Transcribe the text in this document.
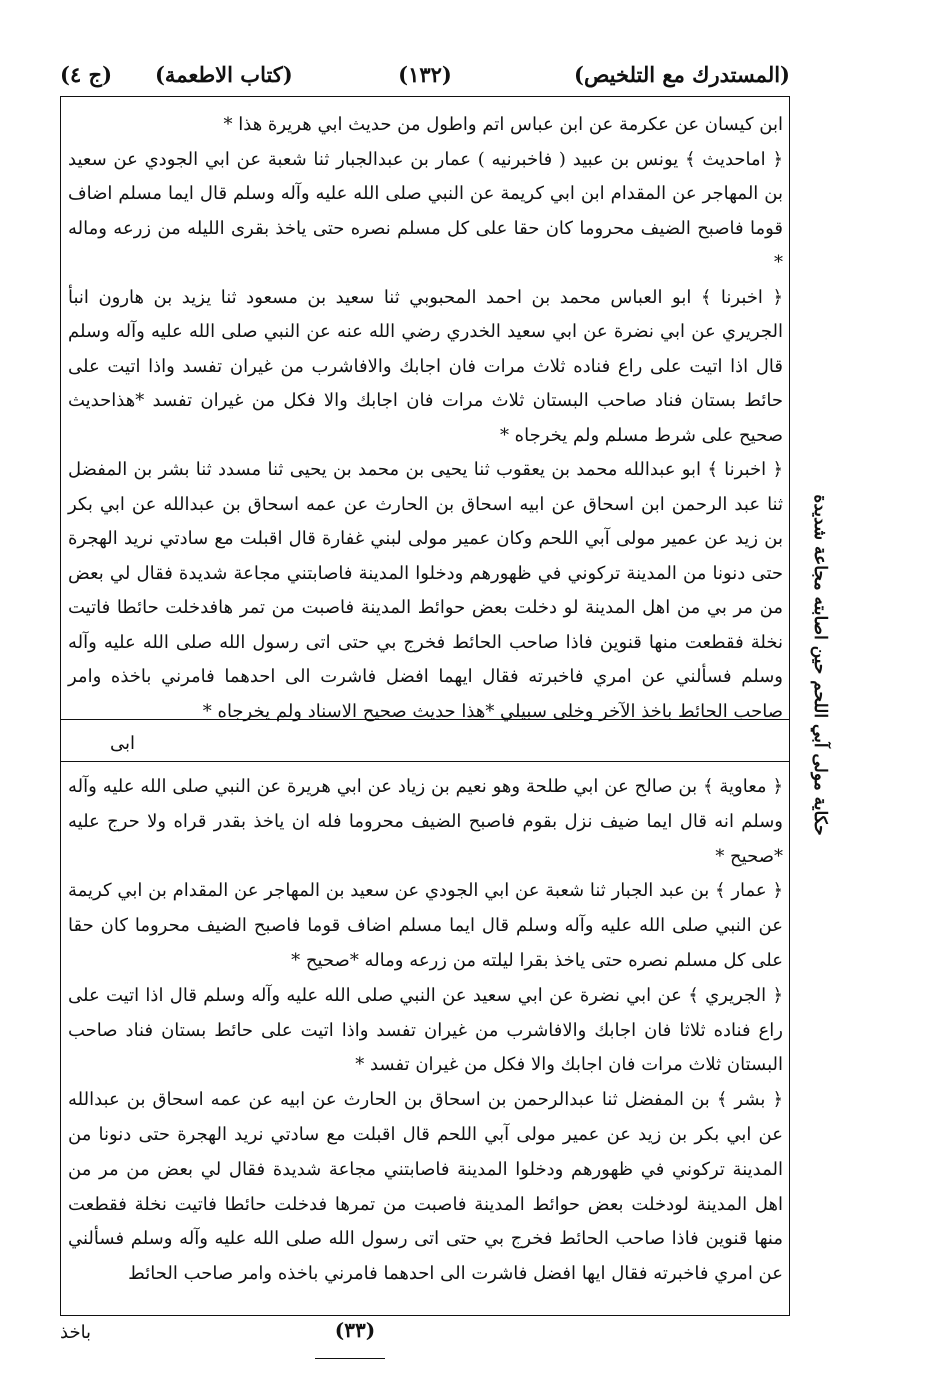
(المستدرك مع التلخيص)
(١٣٢)
(كتاب الاطعمة)
(ج ٤)

ابن كيسان عن عكرمة عن ابن عباس اتم واطول من حديث ابي هريرة هذا *

﴿ اماحديث ﴾ يونس بن عبيد ( فاخبرنيه ) عمار بن عبدالجبار ثنا شعبة عن ابي الجودي عن سعيد بن المهاجر عن المقدام ابن ابي كريمة عن النبي صلى الله عليه وآله وسلم قال ايما مسلم اضاف قوما فاصبح الضيف محروما كان حقا على كل مسلم نصره حتى ياخذ بقرى الليله من زرعه وماله *

﴿ اخبرنا ﴾ ابو العباس محمد بن احمد المحبوبي ثنا سعيد بن مسعود ثنا يزيد بن هارون انبأ الجريري عن ابي نضرة عن ابي سعيد الخدري رضي الله عنه عن النبي صلى الله عليه وآله وسلم قال اذا اتيت على راع فناده ثلاث مرات فان اجابك والافاشرب من غيران تفسد واذا اتيت على حائط بستان فناد صاحب البستان ثلاث مرات فان اجابك والا فكل من غيران تفسد *هذاحديث صحيح على شرط مسلم ولم يخرجاه *

﴿ اخبرنا ﴾ ابو عبدالله محمد بن يعقوب ثنا يحيى بن محمد بن يحيى ثنا مسدد ثنا بشر بن المفضل ثنا عبد الرحمن ابن اسحاق عن ابيه اسحاق بن الحارث عن عمه اسحاق بن عبدالله عن ابي بكر بن زيد عن عمير مولى آبي اللحم وكان عمير مولى لبني غفارة قال اقبلت مع سادتي نريد الهجرة حتى دنونا من المدينة تركوني في ظهورهم ودخلوا المدينة فاصابتني مجاعة شديدة فقال لي بعض من مر بي من اهل المدينة لو دخلت بعض حوائط المدينة فاصبت من تمر هافدخلت حائطا فاتيت نخلة فقطعت منها قنوين فاذا صاحب الحائط فخرج بي حتى اتى رسول الله صلى الله عليه وآله وسلم فسألني عن امري فاخبرته فقال ايهما افضل فاشرت الى احدهما فامرني باخذه وامر صاحب الحائط باخذ الآخر وخلى سبيلي *هذا حديث صحيح الاسناد ولم يخرجاه *

ابى

﴿ معاوية ﴾ بن صالح عن ابي طلحة وهو نعيم بن زياد عن ابي هريرة عن النبي صلى الله عليه وآله وسلم انه قال ايما ضيف نزل بقوم فاصبح الضيف محروما فله ان ياخذ بقدر قراه ولا حرج عليه *صحيح *

﴿ عمار ﴾ بن عبد الجبار ثنا شعبة عن ابي الجودي عن سعيد بن المهاجر عن المقدام بن ابي كريمة عن النبي صلى الله عليه وآله وسلم قال ايما مسلم اضاف قوما فاصبح الضيف محروما كان حقا على كل مسلم نصره حتى ياخذ بقرا ليلته من زرعه وماله *صحيح *

﴿ الجريري ﴾ عن ابي نضرة عن ابي سعيد عن النبي صلى الله عليه وآله وسلم قال اذا اتيت على راع فناده ثلاثا فان اجابك والافاشرب من غيران تفسد واذا اتيت على حائط بستان فناد صاحب البستان ثلاث مرات فان اجابك والا فكل من غيران تفسد *

﴿ بشر ﴾ بن المفضل ثنا عبدالرحمن بن اسحاق بن الحارث عن ابيه عن عمه اسحاق بن عبدالله عن ابي بكر بن زيد عن عمير مولى آبي اللحم قال اقبلت مع سادتي نريد الهجرة حتى دنونا من المدينة تركوني في ظهورهم ودخلوا المدينة فاصابتني مجاعة شديدة فقال لي بعض من مر من اهل المدينة لودخلت بعض حوائط المدينة فاصبت من تمرها فدخلت حائطا فاتيت نخلة فقطعت منها قنوين فاذا صاحب الحائط فخرج بي حتى اتى رسول الله صلى الله عليه وآله وسلم فسألني عن امري فاخبرته فقال ايها افضل فاشرت الى احدهما فامرني باخذه وامر صاحب الحائط

حكاية مولى آبي اللحم حين اصابته مجاعة شديدة
باخذ	(٣٣)
